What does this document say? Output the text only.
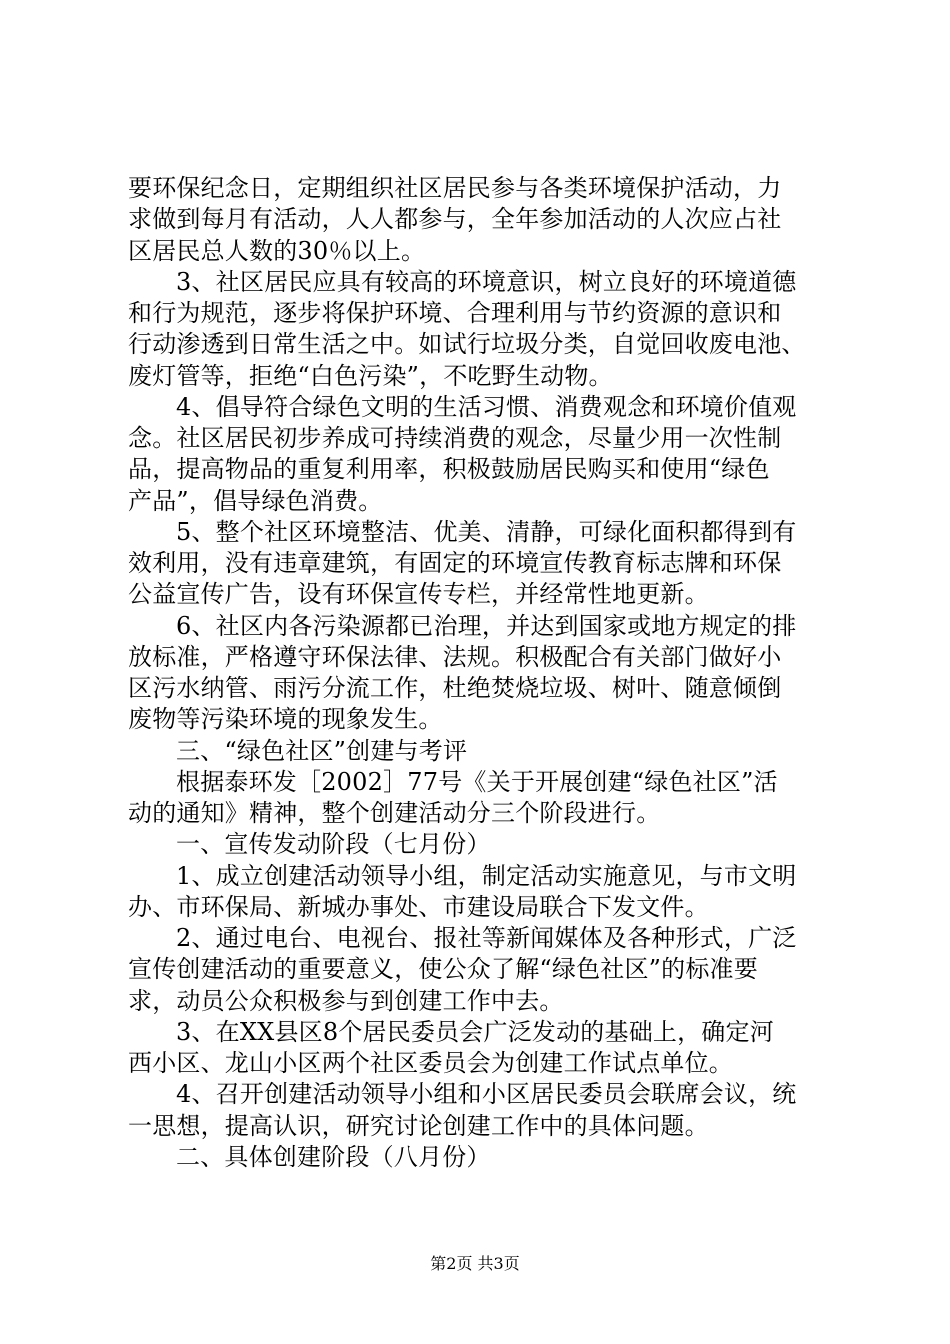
要环保纪念日，定期组织社区居民参与各类环境保护活动，力
求做到每月有活动，人人都参与，全年参加活动的人次应占社
区居民总人数的30％以上。
3、社区居民应具有较高的环境意识，树立良好的环境道德
和行为规范，逐步将保护环境、合理利用与节约资源的意识和
行动渗透到日常生活之中。如试行垃圾分类，自觉回收废电池、
废灯管等，拒绝“白色污染”，不吃野生动物。
4、倡导符合绿色文明的生活习惯、消费观念和环境价值观
念。社区居民初步养成可持续消费的观念，尽量少用一次性制
品，提高物品的重复利用率，积极鼓励居民购买和使用“绿色
产品”，倡导绿色消费。
5、整个社区环境整洁、优美、清静，可绿化面积都得到有
效利用，没有违章建筑，有固定的环境宣传教育标志牌和环保
公益宣传广告，设有环保宣传专栏，并经常性地更新。
6、社区内各污染源都已治理，并达到国家或地方规定的排
放标准，严格遵守环保法律、法规。积极配合有关部门做好小
区污水纳管、雨污分流工作，杜绝焚烧垃圾、树叶、随意倾倒
废物等污染环境的现象发生。
三、“绿色社区”创建与考评
根据泰环发［2002］77号《关于开展创建“绿色社区”活
动的通知》精神，整个创建活动分三个阶段进行。
一、宣传发动阶段（七月份）
1、成立创建活动领导小组，制定活动实施意见，与市文明
办、市环保局、新城办事处、市建设局联合下发文件。
2、通过电台、电视台、报社等新闻媒体及各种形式，广泛
宣传创建活动的重要意义，使公众了解“绿色社区”的标准要
求，动员公众积极参与到创建工作中去。
3、在XX县区8个居民委员会广泛发动的基础上，确定河
西小区、龙山小区两个社区委员会为创建工作试点单位。
4、召开创建活动领导小组和小区居民委员会联席会议，统
一思想，提高认识，研究讨论创建工作中的具体问题。
二、具体创建阶段（八月份）
第2页 共3页
